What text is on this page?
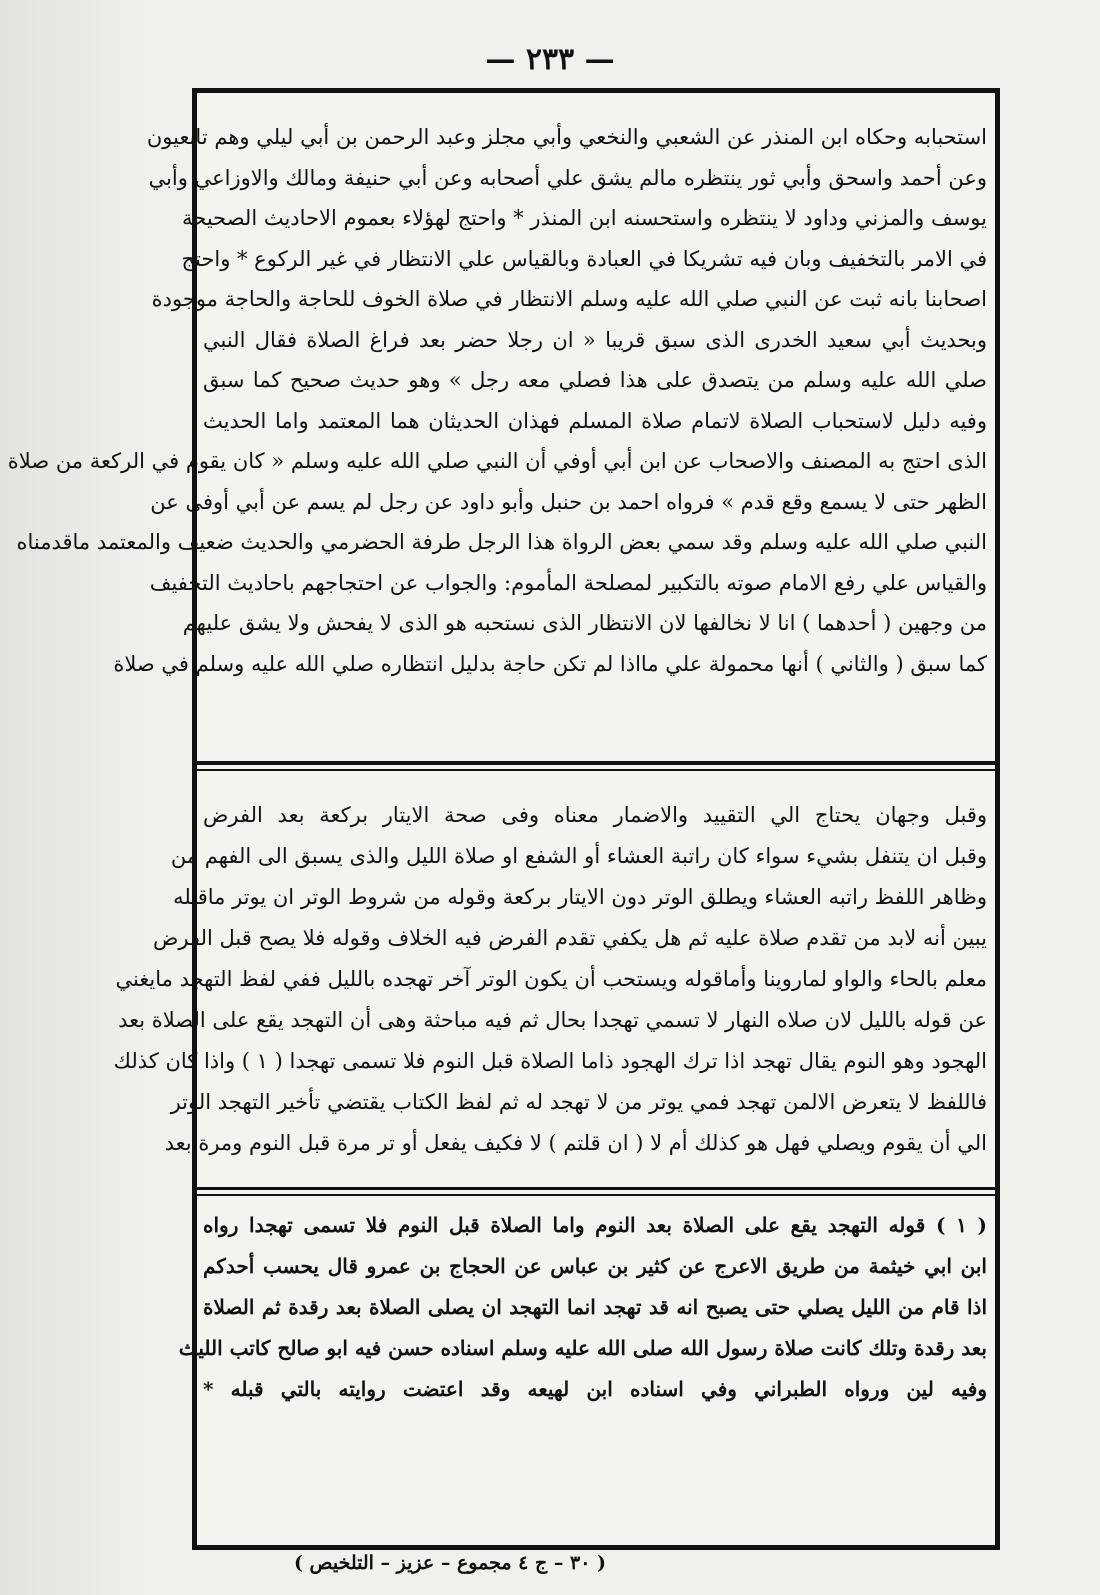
— ٢٣٣ —
استحبابه وحكاه ابن المنذر عن الشعبي والنخعي وأبي مجلز وعبد الرحمن بن أبي ليلي وهم تابعيون
وعن أحمد واسحق وأبي ثور ينتظره مالم يشق علي أصحابه وعن أبي حنيفة ومالك والاوزاعي وأبي
يوسف والمزني وداود لا ينتظره واستحسنه ابن المنذر * واحتج لهؤلاء بعموم الاحاديث الصحيحة
في الامر بالتخفيف وبان فيه تشريكا في العبادة وبالقياس علي الانتظار في غير الركوع * واحتج
اصحابنا بانه ثبت عن النبي صلي الله عليه وسلم الانتظار في صلاة الخوف للحاجة والحاجة موجودة
وبحديث أبي سعيد الخدرى الذى سبق قريبا « ان رجلا حضر بعد فراغ الصلاة فقال النبي
صلي الله عليه وسلم من يتصدق على هذا فصلي معه رجل » وهو حديث صحيح كما سبق
وفيه دليل لاستحباب الصلاة لاتمام صلاة المسلم فهذان الحديثان هما المعتمد واما الحديث
الذى احتج به المصنف والاصحاب عن ابن أبي أوفي أن النبي صلي الله عليه وسلم « كان يقوم في الركعة من صلاة
الظهر حتى لا يسمع وقع قدم » فرواه احمد بن حنبل وأبو داود عن رجل لم يسم عن أبي أوفى عن
النبي صلي الله عليه وسلم وقد سمي بعض الرواة هذا الرجل طرفة الحضرمي والحديث ضعيف والمعتمد ماقدمناه
والقياس علي رفع الامام صوته بالتكبير لمصلحة المأموم: والجواب عن احتجاجهم باحاديث التخفيف
من وجهين ( أحدهما ) انا لا نخالفها لان الانتظار الذى نستحبه هو الذى لا يفحش ولا يشق عليهم
كما سبق ( والثاني ) أنها محمولة علي مااذا لم تكن حاجة بدليل انتظاره صلي الله عليه وسلم في صلاة
وقبل وجهان يحتاج الي التقييد والاضمار معناه وفى صحة الايتار بركعة بعد الفرض
وقبل ان يتنفل بشيء سواء كان راتبة العشاء أو الشفع او صلاة الليل والذى يسبق الى الفهم من
وظاهر اللفظ راتبه العشاء ويطلق الوتر دون الايتار بركعة وقوله من شروط الوتر ان يوتر ماقبله
يبين أنه لابد من تقدم صلاة عليه ثم هل يكفي تقدم الفرض فيه الخلاف وقوله فلا يصح قبل الفرض
معلم بالحاء والواو لماروينا وأماقوله ويستحب أن يكون الوتر آخر تهجده بالليل ففي لفظ التهجد مايغني
عن قوله بالليل لان صلاه النهار لا تسمي تهجدا بحال ثم فيه مباحثة وهى أن التهجد يقع على الصلاة بعد
الهجود وهو النوم يقال تهجد اذا ترك الهجود ذاما الصلاة قبل النوم فلا تسمى تهجدا ( ١ ) واذا كان كذلك
فاللفظ لا يتعرض الالمن تهجد فمي يوتر من لا تهجد له ثم لفظ الكتاب يقتضي تأخير التهجد الوتر
الي أن يقوم ويصلي فهل هو كذلك أم لا ( ان قلتم ) لا فكيف يفعل أو تر مرة قبل النوم ومرة بعد
( ١ ) قوله التهجد يقع على الصلاة بعد النوم واما الصلاة قبل النوم فلا تسمى تهجدا رواه
ابن ابي خيثمة من طريق الاعرج عن كثير بن عباس عن الحجاج بن عمرو قال يحسب أحدكم
اذا قام من الليل يصلي حتى يصبح انه قد تهجد انما التهجد ان يصلى الصلاة بعد رقدة ثم الصلاة
بعد رقدة وتلك كانت صلاة رسول الله صلى الله عليه وسلم اسناده حسن فيه ابو صالح كاتب الليث
وفيه لين ورواه الطبراني وفي اسناده ابن لهيعه وقد اعتضت روايته بالتي قبله *
( ٣٠ – ج ٤ مجموع – عزيز – التلخيص )
